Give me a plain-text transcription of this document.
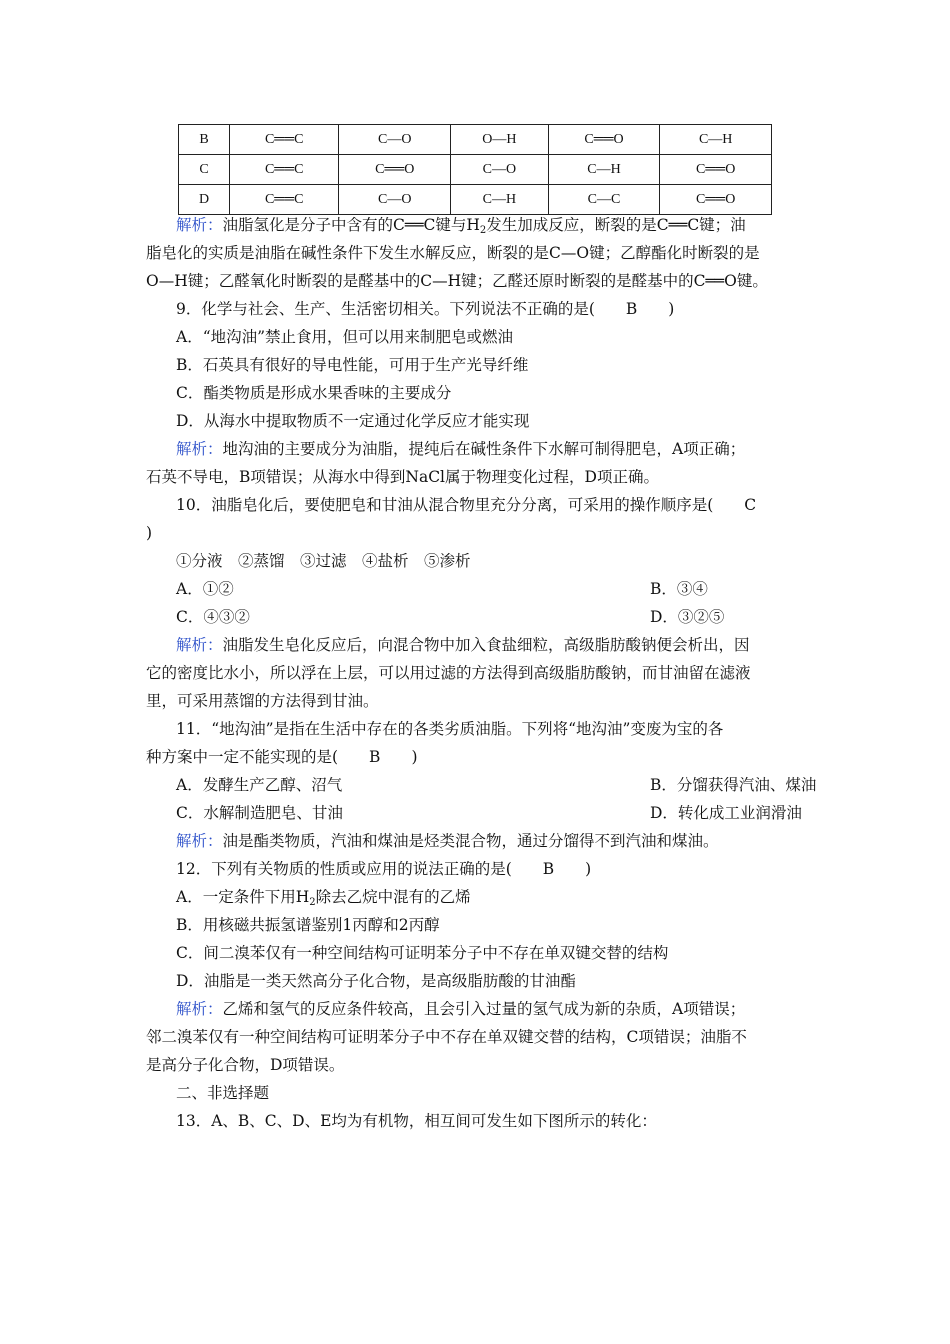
B	C══C	C—O	O—H	C══O	C—H
C	C══C	C══O	C—O	C—H	C══O
D	C══C	C—O	C—H	C—C	C══O
解析：油脂氢化是分子中含有的C══C键与$H_2$发生加成反应，断裂的是C══C键；油
脂皂化的实质是油脂在碱性条件下发生水解反应，断裂的是C—O键；乙醇酯化时断裂的是
O—H键；乙醛氧化时断裂的是醛基中的C—H键；乙醛还原时断裂的是醛基中的C══O键。
9．化学与社会、生产、生活密切相关。下列说法不正确的是(　　B　　)
A．“地沟油”禁止食用，但可以用来制肥皂或燃油
B．石英具有很好的导电性能，可用于生产光导纤维
C．酯类物质是形成水果香味的主要成分
D．从海水中提取物质不一定通过化学反应才能实现
解析：地沟油的主要成分为油脂，提纯后在碱性条件下水解可制得肥皂，A项正确；
石英不导电，B项错误；从海水中得到NaCl属于物理变化过程，D项正确。
10．油脂皂化后，要使肥皂和甘油从混合物里充分分离，可采用的操作顺序是(　　C
)
①分液　②蒸馏　③过滤　④盐析　⑤渗析
A．①②	B．③④
C．④③②	D．③②⑤
解析：油脂发生皂化反应后，向混合物中加入食盐细粒，高级脂肪酸钠便会析出，因
它的密度比水小，所以浮在上层，可以用过滤的方法得到高级脂肪酸钠，而甘油留在滤液
里，可采用蒸馏的方法得到甘油。
11．“地沟油”是指在生活中存在的各类劣质油脂。下列将“地沟油”变废为宝的各
种方案中一定不能实现的是(　　B　　)
A．发酵生产乙醇、沼气	B．分馏获得汽油、煤油
C．水解制造肥皂、甘油	D．转化成工业润滑油
解析：油是酯类物质，汽油和煤油是烃类混合物，通过分馏得不到汽油和煤油。
12．下列有关物质的性质或应用的说法正确的是(　　B　　)
A．一定条件下用$H_2$除去乙烷中混有的乙烯
B．用核磁共振氢谱鉴别1丙醇和2丙醇
C．间二溴苯仅有一种空间结构可证明苯分子中不存在单双键交替的结构
D．油脂是一类天然高分子化合物，是高级脂肪酸的甘油酯
解析：乙烯和氢气的反应条件较高，且会引入过量的氢气成为新的杂质，A项错误；
邻二溴苯仅有一种空间结构可证明苯分子中不存在单双键交替的结构，C项错误；油脂不
是高分子化合物，D项错误。
二、非选择题
13．A、B、C、D、E均为有机物，相互间可发生如下图所示的转化：
